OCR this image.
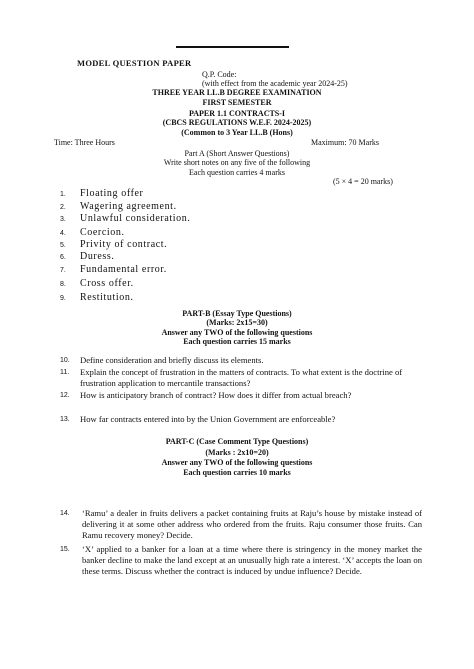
MODEL QUESTION PAPER
Q.P. Code:
(with effect from the academic year 2024-25)
THREE YEAR LL.B DEGREE EXAMINATION
FIRST SEMESTER
PAPER 1.1 CONTRACTS-I
(CBCS REGULATIONS W.E.F. 2024-2025)
(Common to 3 Year LL.B (Hons)
Time: Three Hours	Maximum: 70 Marks
Part A (Short Answer Questions)
Write short notes on any five of the following
Each question carries 4 marks
(5 × 4 = 20 marks)
1. Floating offer
2. Wagering agreement.
3. Unlawful consideration.
4. Coercion.
5. Privity of contract.
6. Duress.
7. Fundamental error.
8. Cross offer.
9. Restitution.
PART-B (Essay Type Questions)
(Marks: 2x15=30)
Answer any TWO of the following questions
Each question carries 15 marks
10. Define consideration and briefly discuss its elements.
11. Explain the concept of frustration in the matters of contracts. To what extent is the doctrine of frustration application to mercantile transactions?
12. How is anticipatory branch of contract? How does it differ from actual breach?
13. How far contracts entered into by the Union Government are enforceable?
PART-C (Case Comment Type Questions)
(Marks : 2x10=20)
Answer any TWO of the following questions
Each question carries 10 marks
14. ‘Ramu’ a dealer in fruits delivers a packet containing fruits at Raju’s house by mistake instead of delivering it at some other address who ordered from the fruits. Raju consumer those fruits. Can Ramu recovery money? Decide.
15. ‘X’ applied to a banker for a loan at a time where there is stringency in the money market the banker decline to make the land except at an unusually high rate a interest. ‘X’ accepts the loan on these terms. Discuss whether the contract is induced by undue influence? Decide.
